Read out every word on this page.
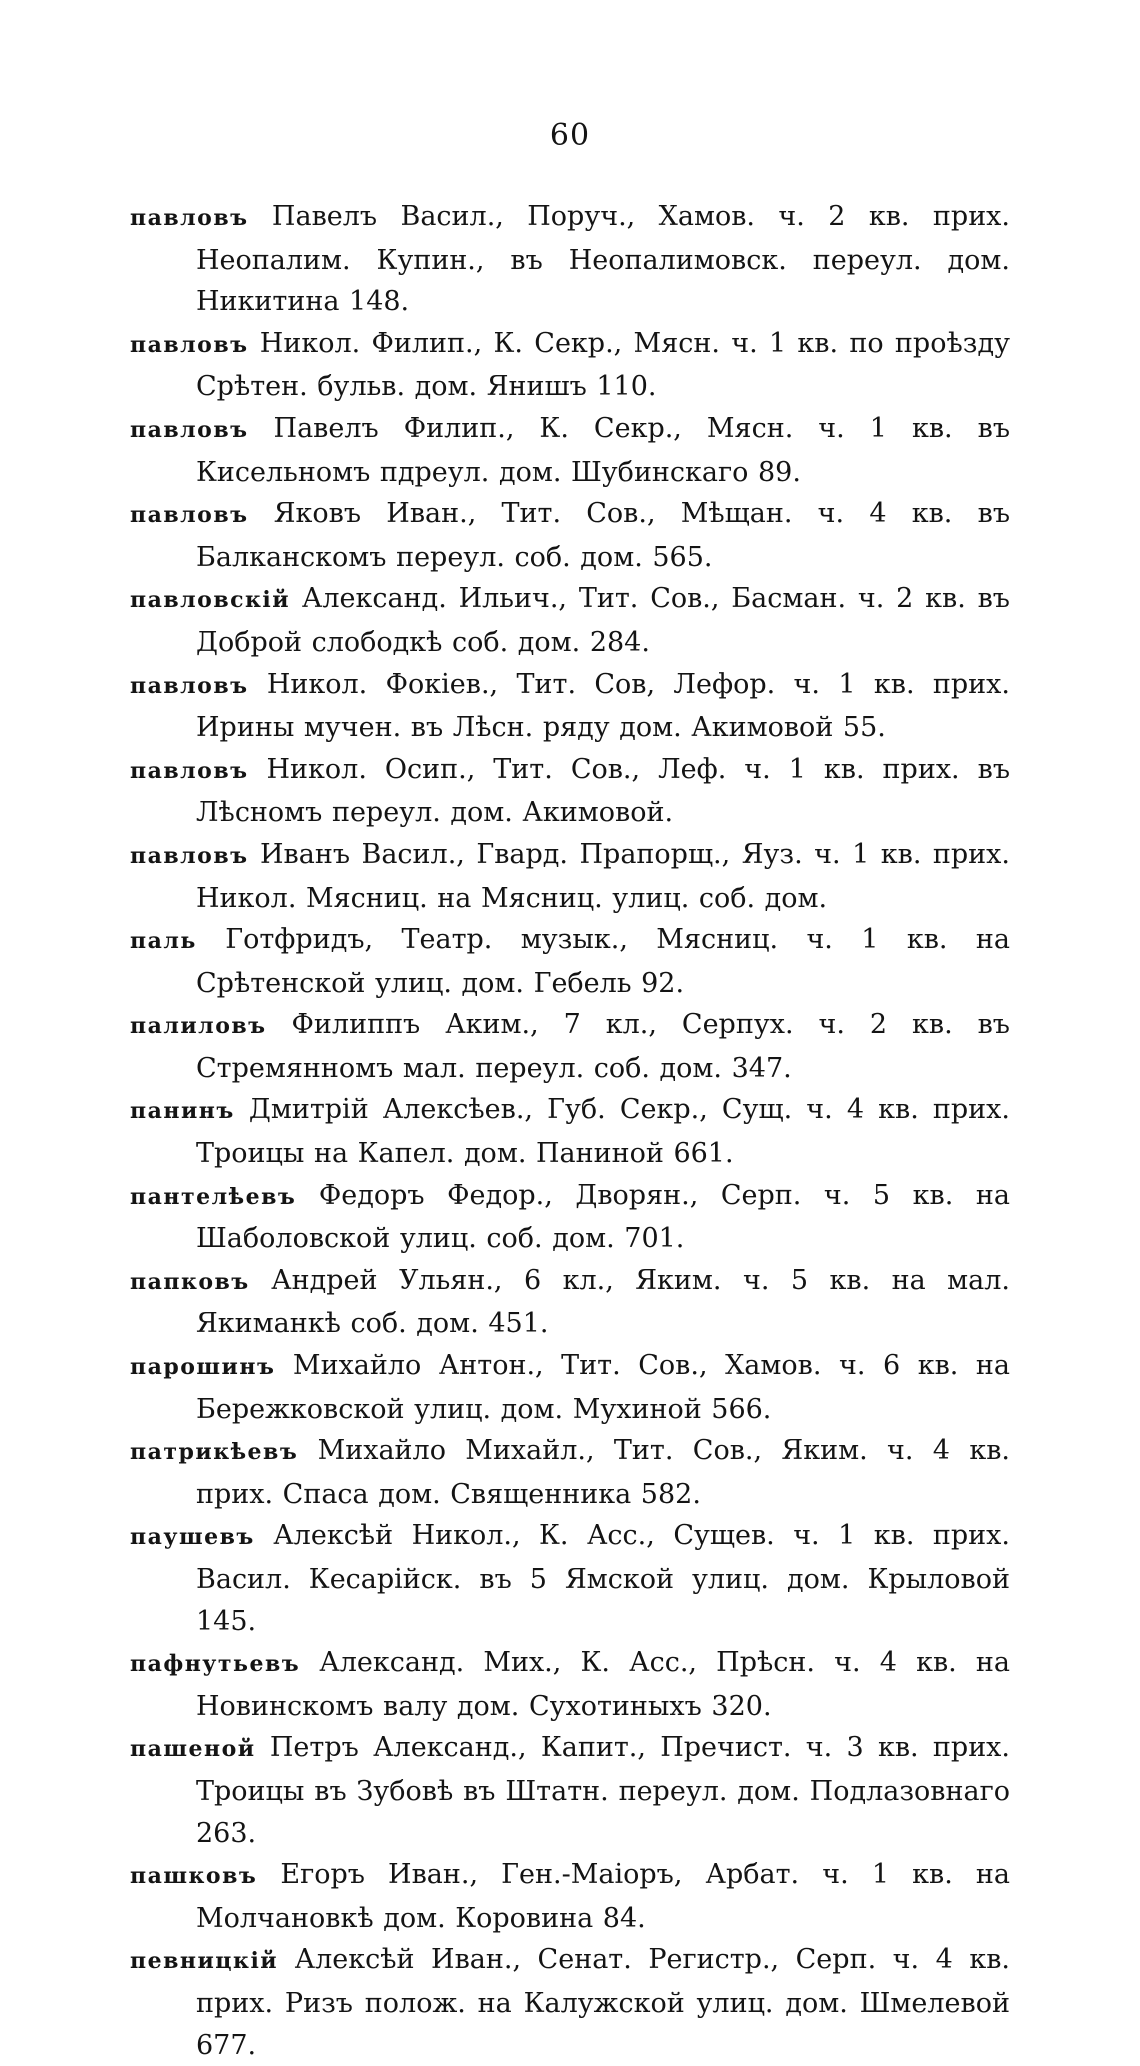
60
павловъ Павелъ Васил., Поруч., Хамов. ч. 2 кв. прих. Неопалим. Купин., въ Неопалимовск. переул. дом. Никитина 148.
павловъ Никол. Филип., К. Секр., Мясн. ч. 1 кв. по проѣзду Срѣтен. бульв. дом. Янишъ 110.
павловъ Павелъ Филип., К. Секр., Мясн. ч. 1 кв. въ Кисельномъ пдреул. дом. Шубинскаго 89.
павловъ Яковъ Иван., Тит. Сов., Мѣщан. ч. 4 кв. въ Балканскомъ переул. соб. дом. 565.
павловскій Александ. Ильич., Тит. Сов., Басман. ч. 2 кв. въ Доброй слободкѣ соб. дом. 284.
павловъ Никол. Фокіев., Тит. Сов, Лефор. ч. 1 кв. прих. Ирины мучен. въ Лѣсн. ряду дом. Акимовой 55.
павловъ Никол. Осип., Тит. Сов., Леф. ч. 1 кв. прих. въ Лѣсномъ переул. дом. Акимовой.
павловъ Иванъ Васил., Гвард. Прапорщ., Яуз. ч. 1 кв. прих. Никол. Мясниц. на Мясниц. улиц. соб. дом.
паль Готфридъ, Театр. музык., Мясниц. ч. 1 кв. на Срѣтенской улиц. дом. Гебель 92.
палиловъ Филиппъ Аким., 7 кл., Серпух. ч. 2 кв. въ Стремянномъ мал. переул. соб. дом. 347.
панинъ Дмитрій Алексѣев., Губ. Секр., Сущ. ч. 4 кв. прих. Троицы на Капел. дом. Паниной 661.
пантелѣевъ Федоръ Федор., Дворян., Серп. ч. 5 кв. на Шаболовской улиц. соб. дом. 701.
папковъ Андрей Ульян., 6 кл., Яким. ч. 5 кв. на мал. Якиманкѣ соб. дом. 451.
парошинъ Михайло Антон., Тит. Сов., Хамов. ч. 6 кв. на Бережковской улиц. дом. Мухиной 566.
патрикѣевъ Михайло Михайл., Тит. Сов., Яким. ч. 4 кв. прих. Спаса дом. Священника 582.
паушевъ Алексѣй Никол., К. Асс., Сущев. ч. 1 кв. прих. Васил. Кесарійск. въ 5 Ямской улиц. дом. Крыловой 145.
пафнутьевъ Александ. Мих., К. Асс., Прѣсн. ч. 4 кв. на Новинскомъ валу дом. Сухотиныхъ 320.
пашеной Петръ Александ., Капит., Пречист. ч. 3 кв. прих. Троицы въ Зубовѣ въ Штатн. переул. дом. Подлазовнаго 263.
пашковъ Егоръ Иван., Ген.-Маіоръ, Арбат. ч. 1 кв. на Молчановкѣ дом. Коровина 84.
певницкій Алексѣй Иван., Сенат. Регистр., Серп. ч. 4 кв. прих. Ризъ полож. на Калужской улиц. дом. Шмелевой 677.
